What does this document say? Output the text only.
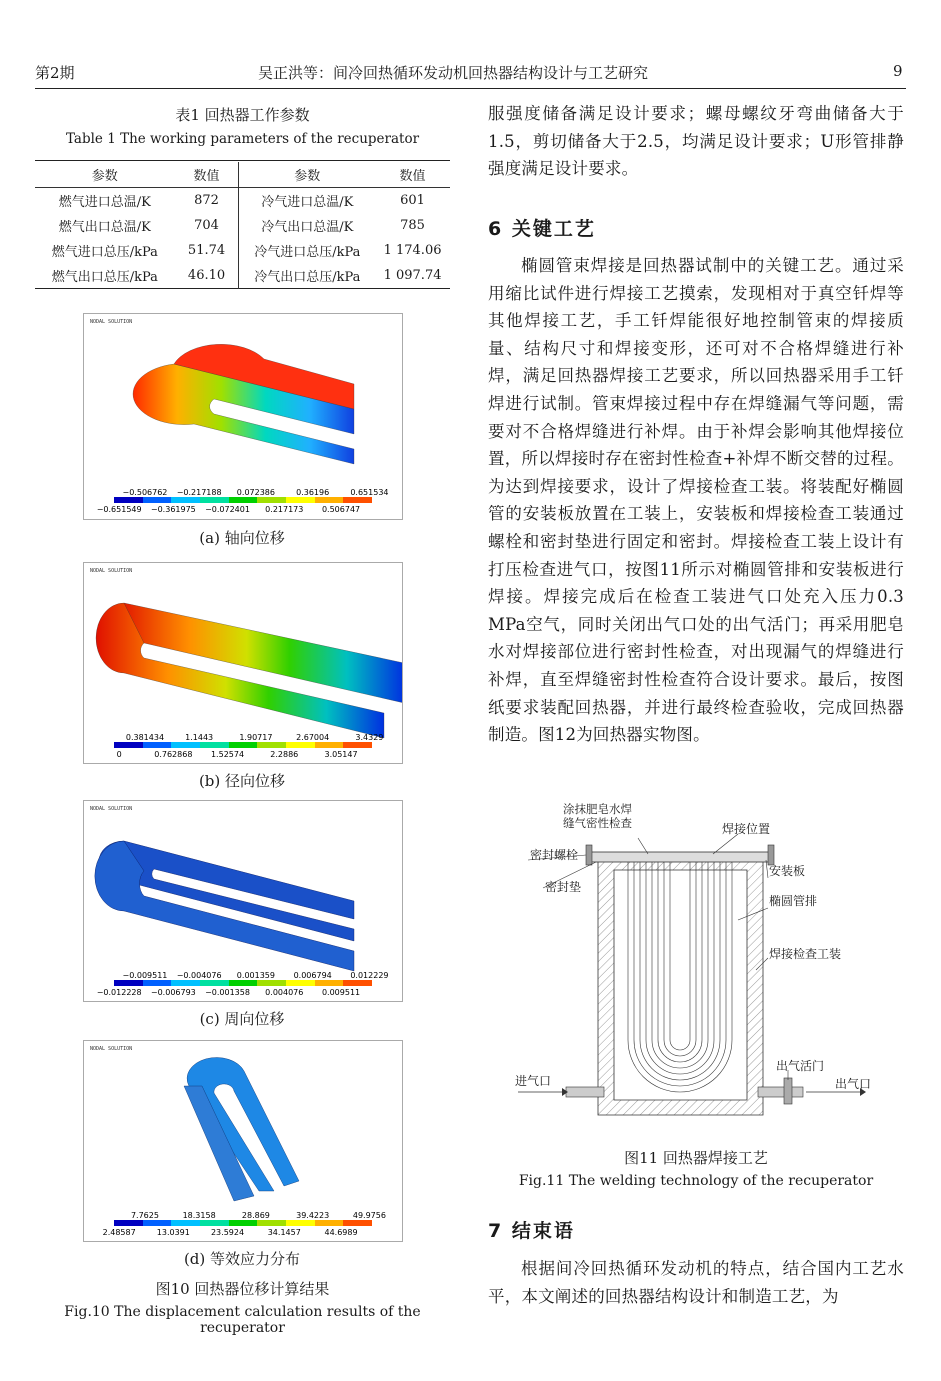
第2期	吴正洪等：间冷回热循环发动机回热器结构设计与工艺研究	9
表1 回热器工作参数
Table 1 The working parameters of the recuperator
参数	数值	参数	数值
燃气进口总温/K	872	冷气进口总温/K	601
燃气出口总温/K	704	冷气出口总温/K	785
燃气进口总压/kPa	51.74	冷气进口总压/kPa	1 174.06
燃气出口总压/kPa	46.10	冷气出口总压/kPa	1 097.74
NODAL SOLUTION
−0.506762 −0.217188 0.072386	0.36196	0.651534
−0.651549 −0.361975 −0.072401 0.217173 0.506747
(a) 轴向位移
NODAL SOLUTION
0.381434	1.1443	1.90717	2.67004	3.4329
0	0.762868 1.52574	2.2886	3.05147
(b) 径向位移
NODAL SOLUTION
−0.009511 −0.004076 0.001359 0.006794 0.012229
−0.012228 −0.006793 −0.001358 0.004076 0.009511
(c) 周向位移
NODAL SOLUTION
7.7625	18.3158	28.869	39.4223	49.9756
2.48587	13.0391	23.5924	34.1457	44.6989
(d) 等效应力分布
图10 回热器位移计算结果
Fig.10 The displacement calculation results of the recuperator
服强度储备满足设计要求；螺母螺纹牙弯曲储备大于1.5，剪切储备大于2.5，均满足设计要求；U形管排静强度满足设计要求。
6 关键工艺
椭圆管束焊接是回热器试制中的关键工艺。通过采用缩比试件进行焊接工艺摸索，发现相对于真空钎焊等其他焊接工艺，手工钎焊能很好地控制管束的焊接质量、结构尺寸和焊接变形，还可对不合格焊缝进行补焊，满足回热器焊接工艺要求，所以回热器采用手工钎焊进行试制。管束焊接过程中存在焊缝漏气等问题，需要对不合格焊缝进行补焊。由于补焊会影响其他焊接位置，所以焊接时存在密封性检查+补焊不断交替的过程。为达到焊接要求，设计了焊接检查工装。将装配好椭圆管的安装板放置在工装上，安装板和焊接检查工装通过螺栓和密封垫进行固定和密封。焊接检查工装上设计有打压检查进气口，按图11所示对椭圆管排和安装板进行焊接。焊接完成后在检查工装进气口处充入压力0.3 MPa空气，同时关闭出气口处的出气活门；再采用肥皂水对焊接部位进行密封性检查，对出现漏气的焊缝进行补焊，直至焊缝密封性检查符合设计要求。最后，按图纸要求装配回热器，并进行最终检查验收，完成回热器制造。图12为回热器实物图。
涂抹肥皂水焊
缝气密性检查	焊接位置
密封螺栓
密封垫
安装板
椭圆管排
焊接检查工装
进气口
出气活门
出气口
图11 回热器焊接工艺
Fig.11 The welding technology of the recuperator
7 结束语
根据间冷回热循环发动机的特点，结合国内工艺水平，本文阐述的回热器结构设计和制造工艺，为
